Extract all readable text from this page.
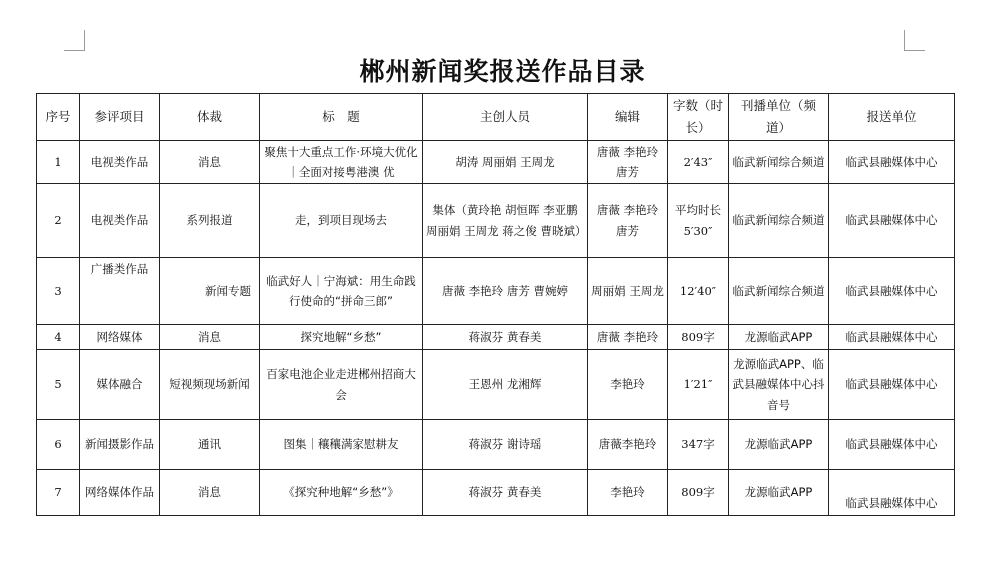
郴州新闻奖报送作品目录
序号	参评项目	体裁	标　题	主创人员	编辑	字数（时长）	刊播单位（频道）	报送单位
1	电视类作品	消息	聚焦十大重点工作·环境大优化｜全面对接粤港澳 优	胡涛 周丽娟 王周龙	唐薇 李艳玲 唐芳	2′43″	临武新闻综合频道	临武县融媒体中心
2	电视类作品	系列报道	走，到项目现场去	集体（黄玲艳 胡恒晖 李亚鹏 周丽娟 王周龙 蒋之俊 曹晓斌）	唐薇 李艳玲 唐芳	平均时长 5′30″	临武新闻综合频道	临武县融媒体中心
3	广播类作品	新闻专题	临武好人｜宁海斌：用生命践行使命的“拼命三郎”	唐薇 李艳玲 唐芳 曹婉婷	周丽娟 王周龙	12′40″	临武新闻综合频道	临武县融媒体中心
4	网络媒体	消息	探究地解“乡愁”	蒋淑芬 黄春美	唐薇 李艳玲	809字	龙源临武APP	临武县融媒体中心
5	媒体融合	短视频现场新闻	百家电池企业走进郴州招商大会	王恩州 龙湘辉	李艳玲	1′21″	龙源临武APP、临武县融媒体中心抖音号	临武县融媒体中心
6	新闻摄影作品	通讯	图集｜穰穰满家慰耕友	蒋淑芬 谢诗瑶	唐薇李艳玲	347字	龙源临武APP	临武县融媒体中心
7	网络媒体作品	消息	《探究种地解“乡愁”》	蒋淑芬 黄春美	李艳玲	809字	龙源临武APP	临武县融媒体中心
